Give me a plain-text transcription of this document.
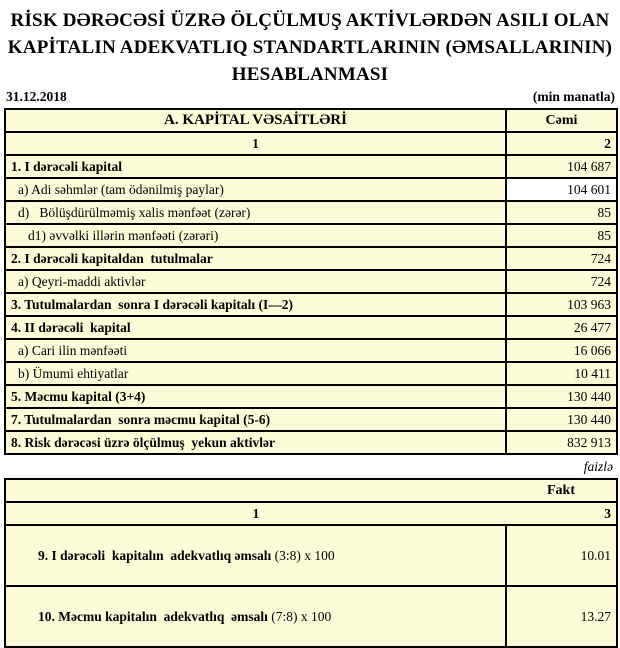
RİSK DƏRƏCƏSİ ÜZRƏ ÖLÇÜLMUŞ AKTİVLƏRDƏN ASILI OLAN
KAPİTALIN ADEKVATLIQ STANDARTLARININ (ƏMSALLARININ)
HESABLANMASI
31.12.2018	(min manatla)
A. KAPİTAL VƏSAİTLƏRİ	Cəmi
1	2
1. I dərəcəli kapital	104 687
a) Adi səhmlər (tam ödənilmiş paylar)	104 601
d)   Bölüşdürülməmiş xalis mənfəət (zərər)	85
d1) əvvəlki illərin mənfəəti (zərəri)	85
2. I dərəcəli kapitaldan  tutulmalar	724
a) Qeyri-maddi aktivlər	724
3. Tutulmalardan  sonra I dərəcəli kapitalı (I—2)	103 963
4. II dərəcəli  kapital	26 477
a) Cari ilin mənfəəti	16 066
b) Ümumi ehtiyatlar	10 411
5. Məcmu kapital (3+4)	130 440
7. Tutulmalardan  sonra məcmu kapital (5-6)	130 440
8. Risk dərəcəsi üzrə ölçülmuş  yekun aktivlər	832 913
faizlə
	Fakt
1	3

9. I dərəcəli  kapitalın  adekvatlıq əmsalı (3:8) x 100	10.01

10. Məcmu kapitalın  adekvatlıq  əmsalı (7:8) x 100	13.27
